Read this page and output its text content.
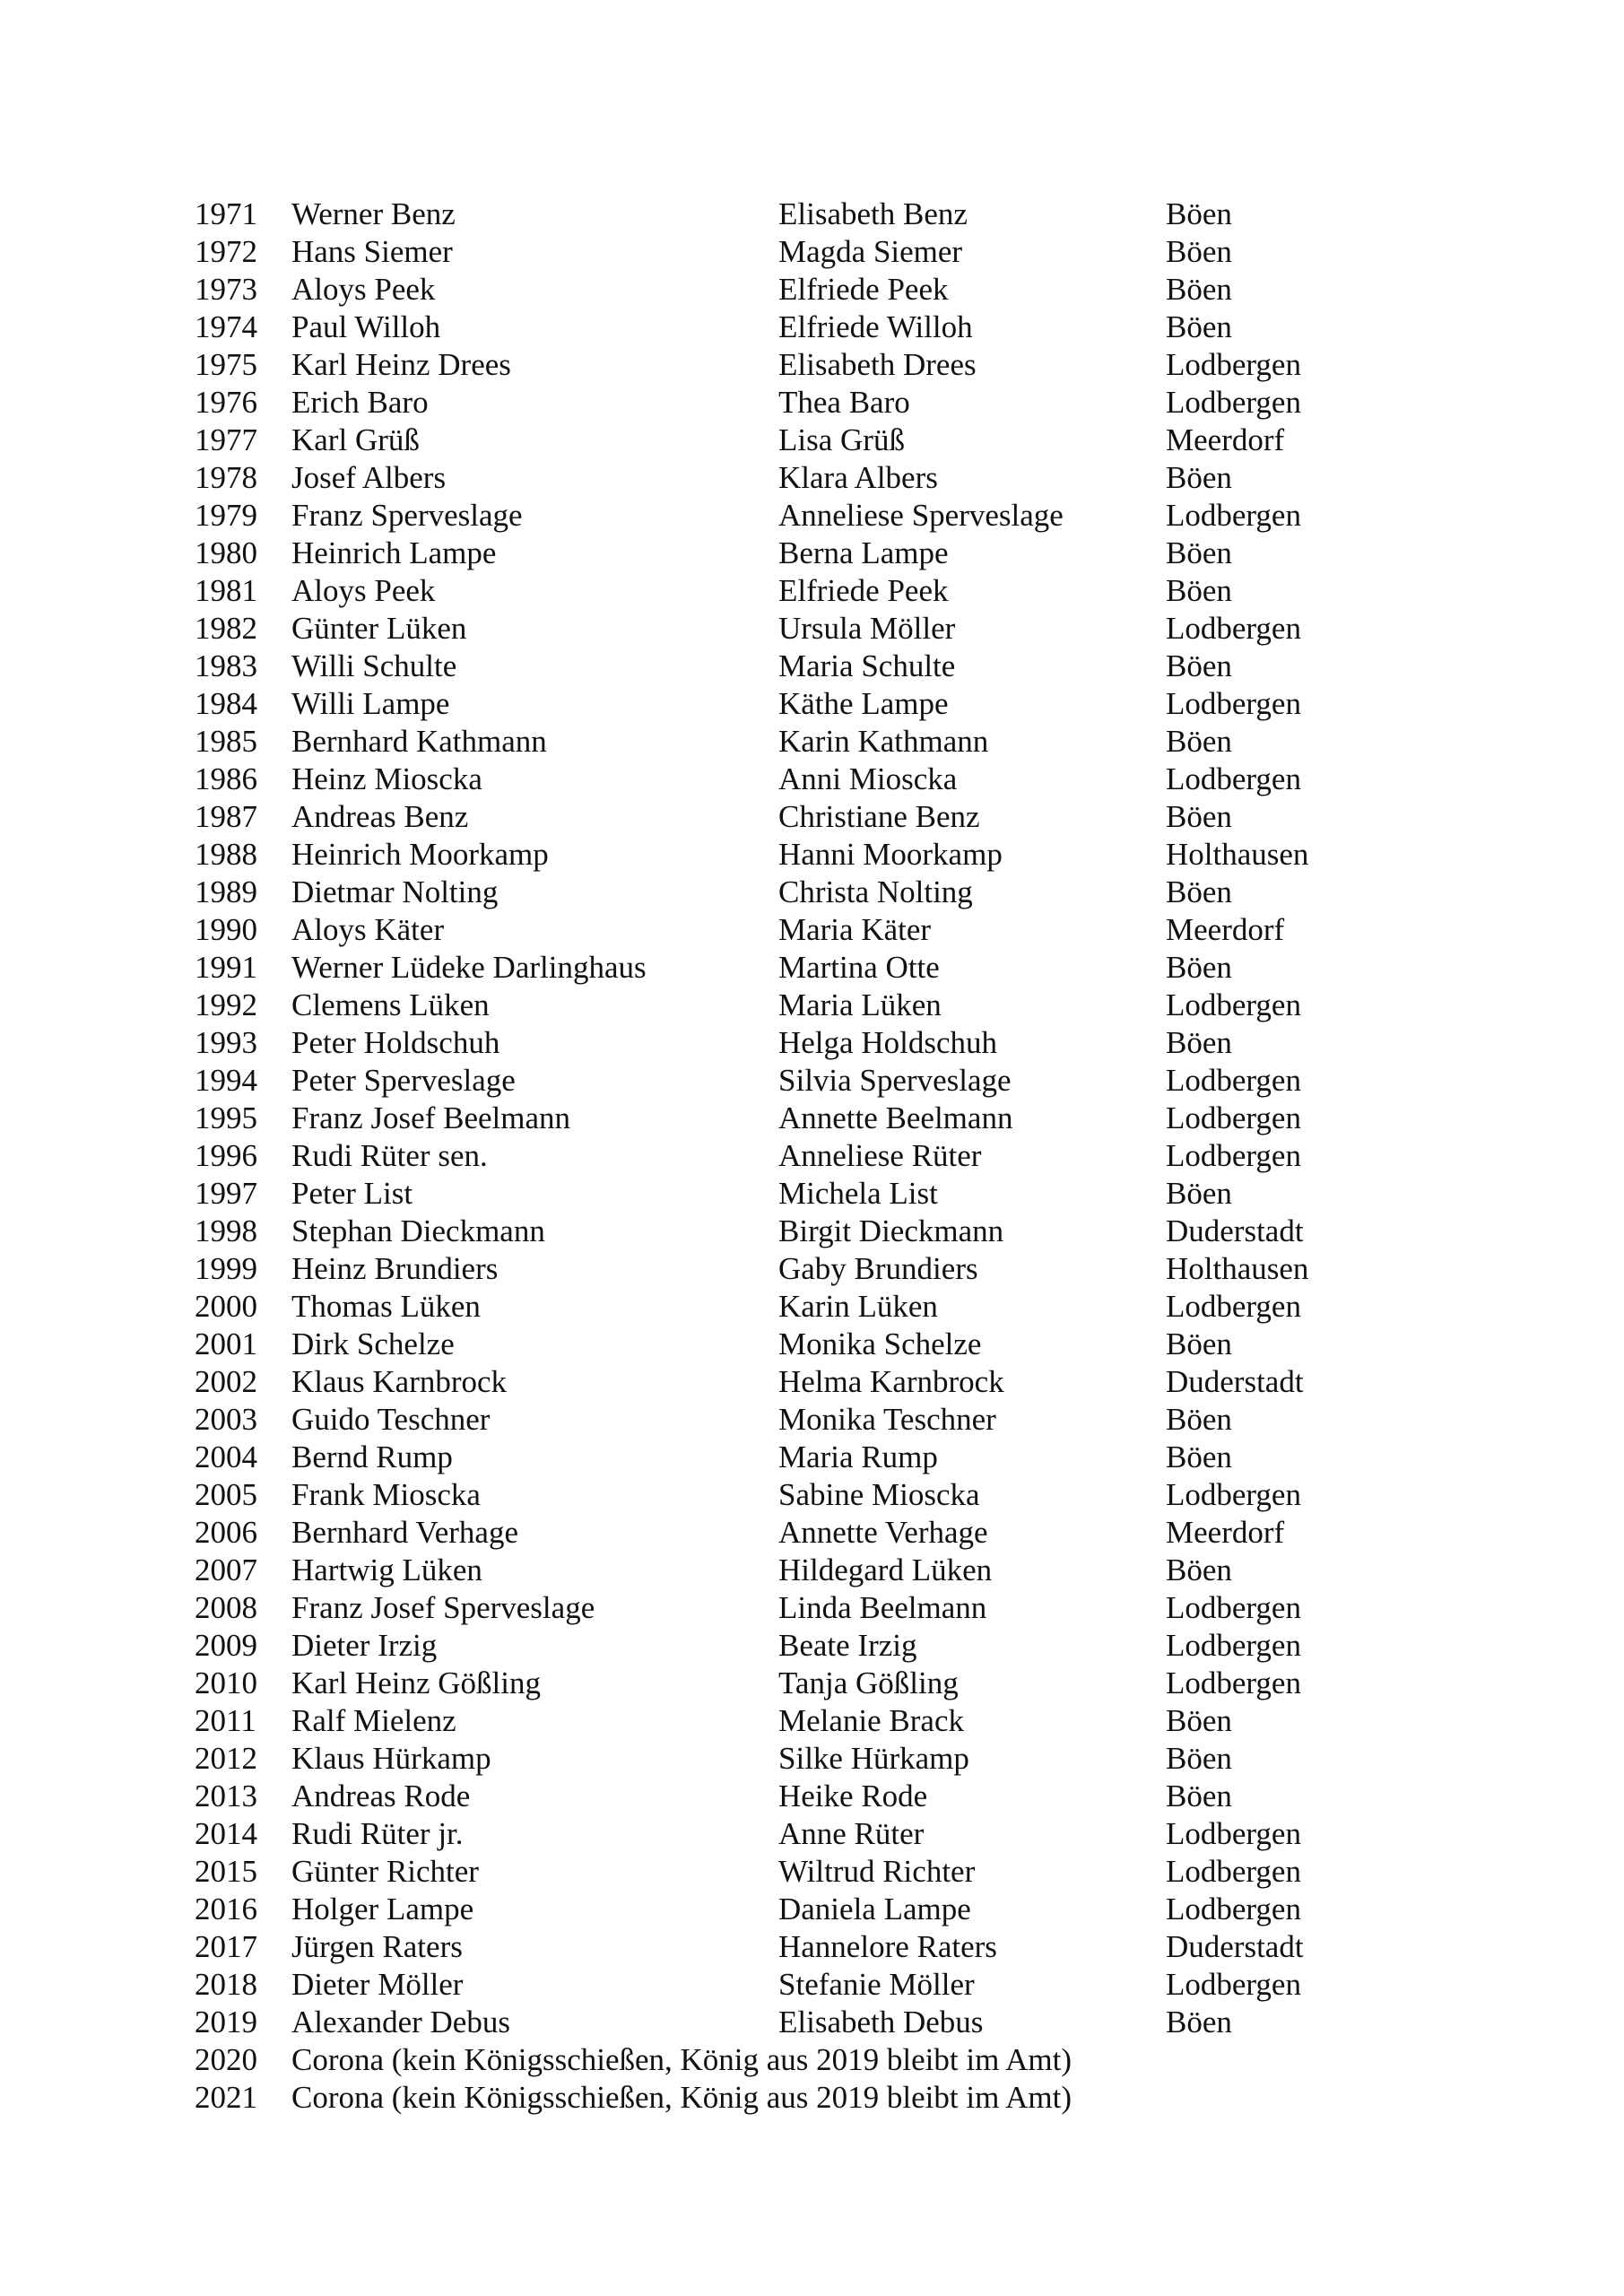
1971 Werner Benz	Elisabeth Benz	Böen
1972 Hans Siemer	Magda Siemer	Böen
1973 Aloys Peek	Elfriede Peek	Böen
1974 Paul Willoh	Elfriede Willoh	Böen
1975 Karl Heinz Drees	Elisabeth Drees	Lodbergen
1976 Erich Baro	Thea Baro	Lodbergen
1977 Karl Grüß	Lisa Grüß	Meerdorf
1978 Josef Albers	Klara Albers	Böen
1979 Franz Sperveslage	Anneliese Sperveslage	Lodbergen
1980 Heinrich Lampe	Berna Lampe	Böen
1981 Aloys Peek	Elfriede Peek	Böen
1982 Günter Lüken	Ursula Möller	Lodbergen
1983 Willi Schulte	Maria Schulte	Böen
1984 Willi Lampe	Käthe Lampe	Lodbergen
1985 Bernhard Kathmann	Karin Kathmann	Böen
1986 Heinz Mioscka	Anni Mioscka	Lodbergen
1987 Andreas Benz	Christiane Benz	Böen
1988 Heinrich Moorkamp	Hanni Moorkamp	Holthausen
1989 Dietmar Nolting	Christa Nolting	Böen
1990 Aloys Käter	Maria Käter	Meerdorf
1991 Werner Lüdeke Darlinghaus	Martina Otte	Böen
1992 Clemens Lüken	Maria Lüken	Lodbergen
1993 Peter Holdschuh	Helga Holdschuh	Böen
1994 Peter Sperveslage	Silvia Sperveslage	Lodbergen
1995 Franz Josef Beelmann	Annette Beelmann	Lodbergen
1996 Rudi Rüter sen.	Anneliese Rüter	Lodbergen
1997 Peter List	Michela List	Böen
1998 Stephan Dieckmann	Birgit Dieckmann	Duderstadt
1999 Heinz Brundiers	Gaby Brundiers	Holthausen
2000 Thomas Lüken	Karin Lüken	Lodbergen
2001 Dirk Schelze	Monika Schelze	Böen
2002 Klaus Karnbrock	Helma Karnbrock	Duderstadt
2003 Guido Teschner	Monika Teschner	Böen
2004 Bernd Rump	Maria Rump	Böen
2005 Frank Mioscka	Sabine Mioscka	Lodbergen
2006 Bernhard Verhage	Annette Verhage	Meerdorf
2007 Hartwig Lüken	Hildegard Lüken	Böen
2008 Franz Josef Sperveslage	Linda Beelmann	Lodbergen
2009 Dieter Irzig	Beate Irzig	Lodbergen
2010 Karl Heinz Gößling	Tanja Gößling	Lodbergen
2011 Ralf Mielenz	Melanie Brack	Böen
2012 Klaus Hürkamp	Silke Hürkamp	Böen
2013 Andreas Rode	Heike Rode	Böen
2014 Rudi Rüter jr.	Anne Rüter	Lodbergen
2015 Günter Richter	Wiltrud Richter	Lodbergen
2016 Holger Lampe	Daniela Lampe	Lodbergen
2017 Jürgen Raters	Hannelore Raters	Duderstadt
2018 Dieter Möller	Stefanie Möller	Lodbergen
2019 Alexander Debus	Elisabeth Debus	Böen
2020 Corona (kein Königsschießen, König aus 2019 bleibt im Amt)
2021 Corona (kein Königsschießen, König aus 2019 bleibt im Amt)
